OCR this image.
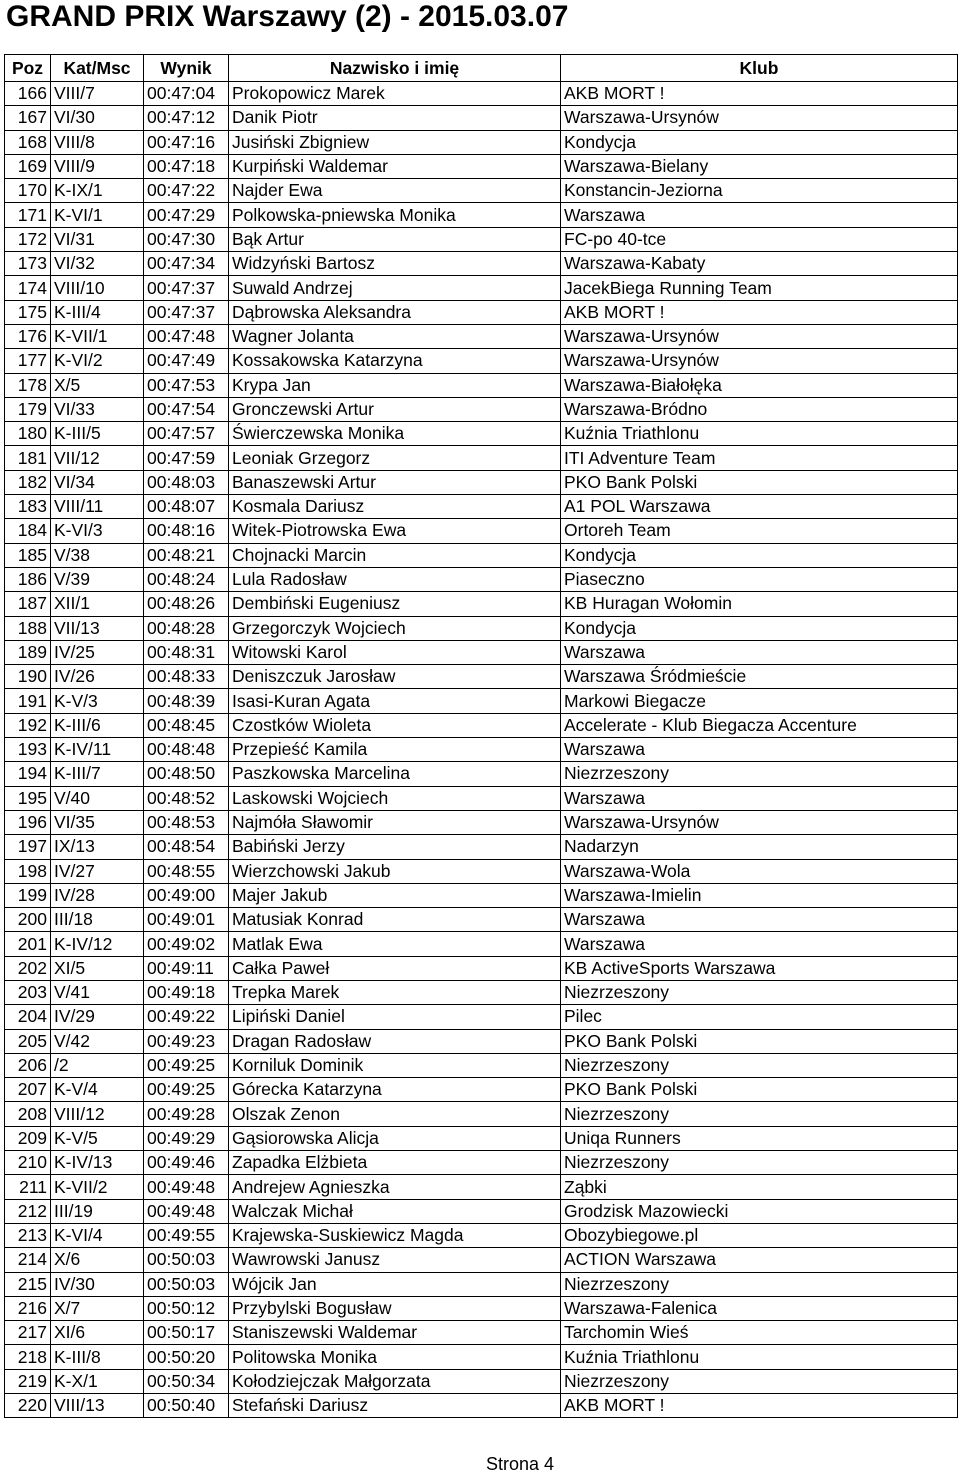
GRAND PRIX Warszawy (2) - 2015.03.07
Poz	Kat/Msc	Wynik	Nazwisko i imię	Klub
166	VIII/7	00:47:04	Prokopowicz Marek	AKB MORT !
167	VI/30	00:47:12	Danik Piotr	Warszawa-Ursynów
168	VIII/8	00:47:16	Jusiński Zbigniew	Kondycja
169	VIII/9	00:47:18	Kurpiński Waldemar	Warszawa-Bielany
170	K-IX/1	00:47:22	Najder Ewa	Konstancin-Jeziorna
171	K-VI/1	00:47:29	Polkowska-pniewska Monika	Warszawa
172	VI/31	00:47:30	Bąk Artur	FC-po 40-tce
173	VI/32	00:47:34	Widzyński Bartosz	Warszawa-Kabaty
174	VIII/10	00:47:37	Suwald Andrzej	JacekBiega Running Team
175	K-III/4	00:47:37	Dąbrowska Aleksandra	AKB MORT !
176	K-VII/1	00:47:48	Wagner Jolanta	Warszawa-Ursynów
177	K-VI/2	00:47:49	Kossakowska Katarzyna	Warszawa-Ursynów
178	X/5	00:47:53	Krypa Jan	Warszawa-Białołęka
179	VI/33	00:47:54	Gronczewski Artur	Warszawa-Bródno
180	K-III/5	00:47:57	Świerczewska Monika	Kuźnia Triathlonu
181	VII/12	00:47:59	Leoniak Grzegorz	ITI Adventure Team
182	VI/34	00:48:03	Banaszewski Artur	PKO Bank Polski
183	VIII/11	00:48:07	Kosmala Dariusz	A1 POL Warszawa
184	K-VI/3	00:48:16	Witek-Piotrowska Ewa	Ortoreh Team
185	V/38	00:48:21	Chojnacki Marcin	Kondycja
186	V/39	00:48:24	Lula Radosław	Piaseczno
187	XII/1	00:48:26	Dembiński Eugeniusz	KB Huragan Wołomin
188	VII/13	00:48:28	Grzegorczyk Wojciech	Kondycja
189	IV/25	00:48:31	Witowski Karol	Warszawa
190	IV/26	00:48:33	Deniszczuk Jarosław	Warszawa Śródmieście
191	K-V/3	00:48:39	Isasi-Kuran Agata	Markowi Biegacze
192	K-III/6	00:48:45	Czostków Wioleta	Accelerate - Klub Biegacza Accenture
193	K-IV/11	00:48:48	Przepieść Kamila	Warszawa
194	K-III/7	00:48:50	Paszkowska Marcelina	Niezrzeszony
195	V/40	00:48:52	Laskowski Wojciech	Warszawa
196	VI/35	00:48:53	Najmóła Sławomir	Warszawa-Ursynów
197	IX/13	00:48:54	Babiński Jerzy	Nadarzyn
198	IV/27	00:48:55	Wierzchowski Jakub	Warszawa-Wola
199	IV/28	00:49:00	Majer Jakub	Warszawa-Imielin
200	III/18	00:49:01	Matusiak Konrad	Warszawa
201	K-IV/12	00:49:02	Matlak Ewa	Warszawa
202	XI/5	00:49:11	Całka Paweł	KB ActiveSports Warszawa
203	V/41	00:49:18	Trepka Marek	Niezrzeszony
204	IV/29	00:49:22	Lipiński Daniel	Pilec
205	V/42	00:49:23	Dragan Radosław	PKO Bank Polski
206	/2	00:49:25	Korniluk Dominik	Niezrzeszony
207	K-V/4	00:49:25	Górecka Katarzyna	PKO Bank Polski
208	VIII/12	00:49:28	Olszak Zenon	Niezrzeszony
209	K-V/5	00:49:29	Gąsiorowska Alicja	Uniqa Runners
210	K-IV/13	00:49:46	Zapadka Elżbieta	Niezrzeszony
211	K-VII/2	00:49:48	Andrejew Agnieszka	Ząbki
212	III/19	00:49:48	Walczak Michał	Grodzisk Mazowiecki
213	K-VI/4	00:49:55	Krajewska-Suskiewicz Magda	Obozybiegowe.pl
214	X/6	00:50:03	Wawrowski Janusz	ACTION Warszawa
215	IV/30	00:50:03	Wójcik Jan	Niezrzeszony
216	X/7	00:50:12	Przybylski Bogusław	Warszawa-Falenica
217	XI/6	00:50:17	Staniszewski Waldemar	Tarchomin Wieś
218	K-III/8	00:50:20	Politowska Monika	Kuźnia Triathlonu
219	K-X/1	00:50:34	Kołodziejczak Małgorzata	Niezrzeszony
220	VIII/13	00:50:40	Stefański Dariusz	AKB MORT !
Strona 4
